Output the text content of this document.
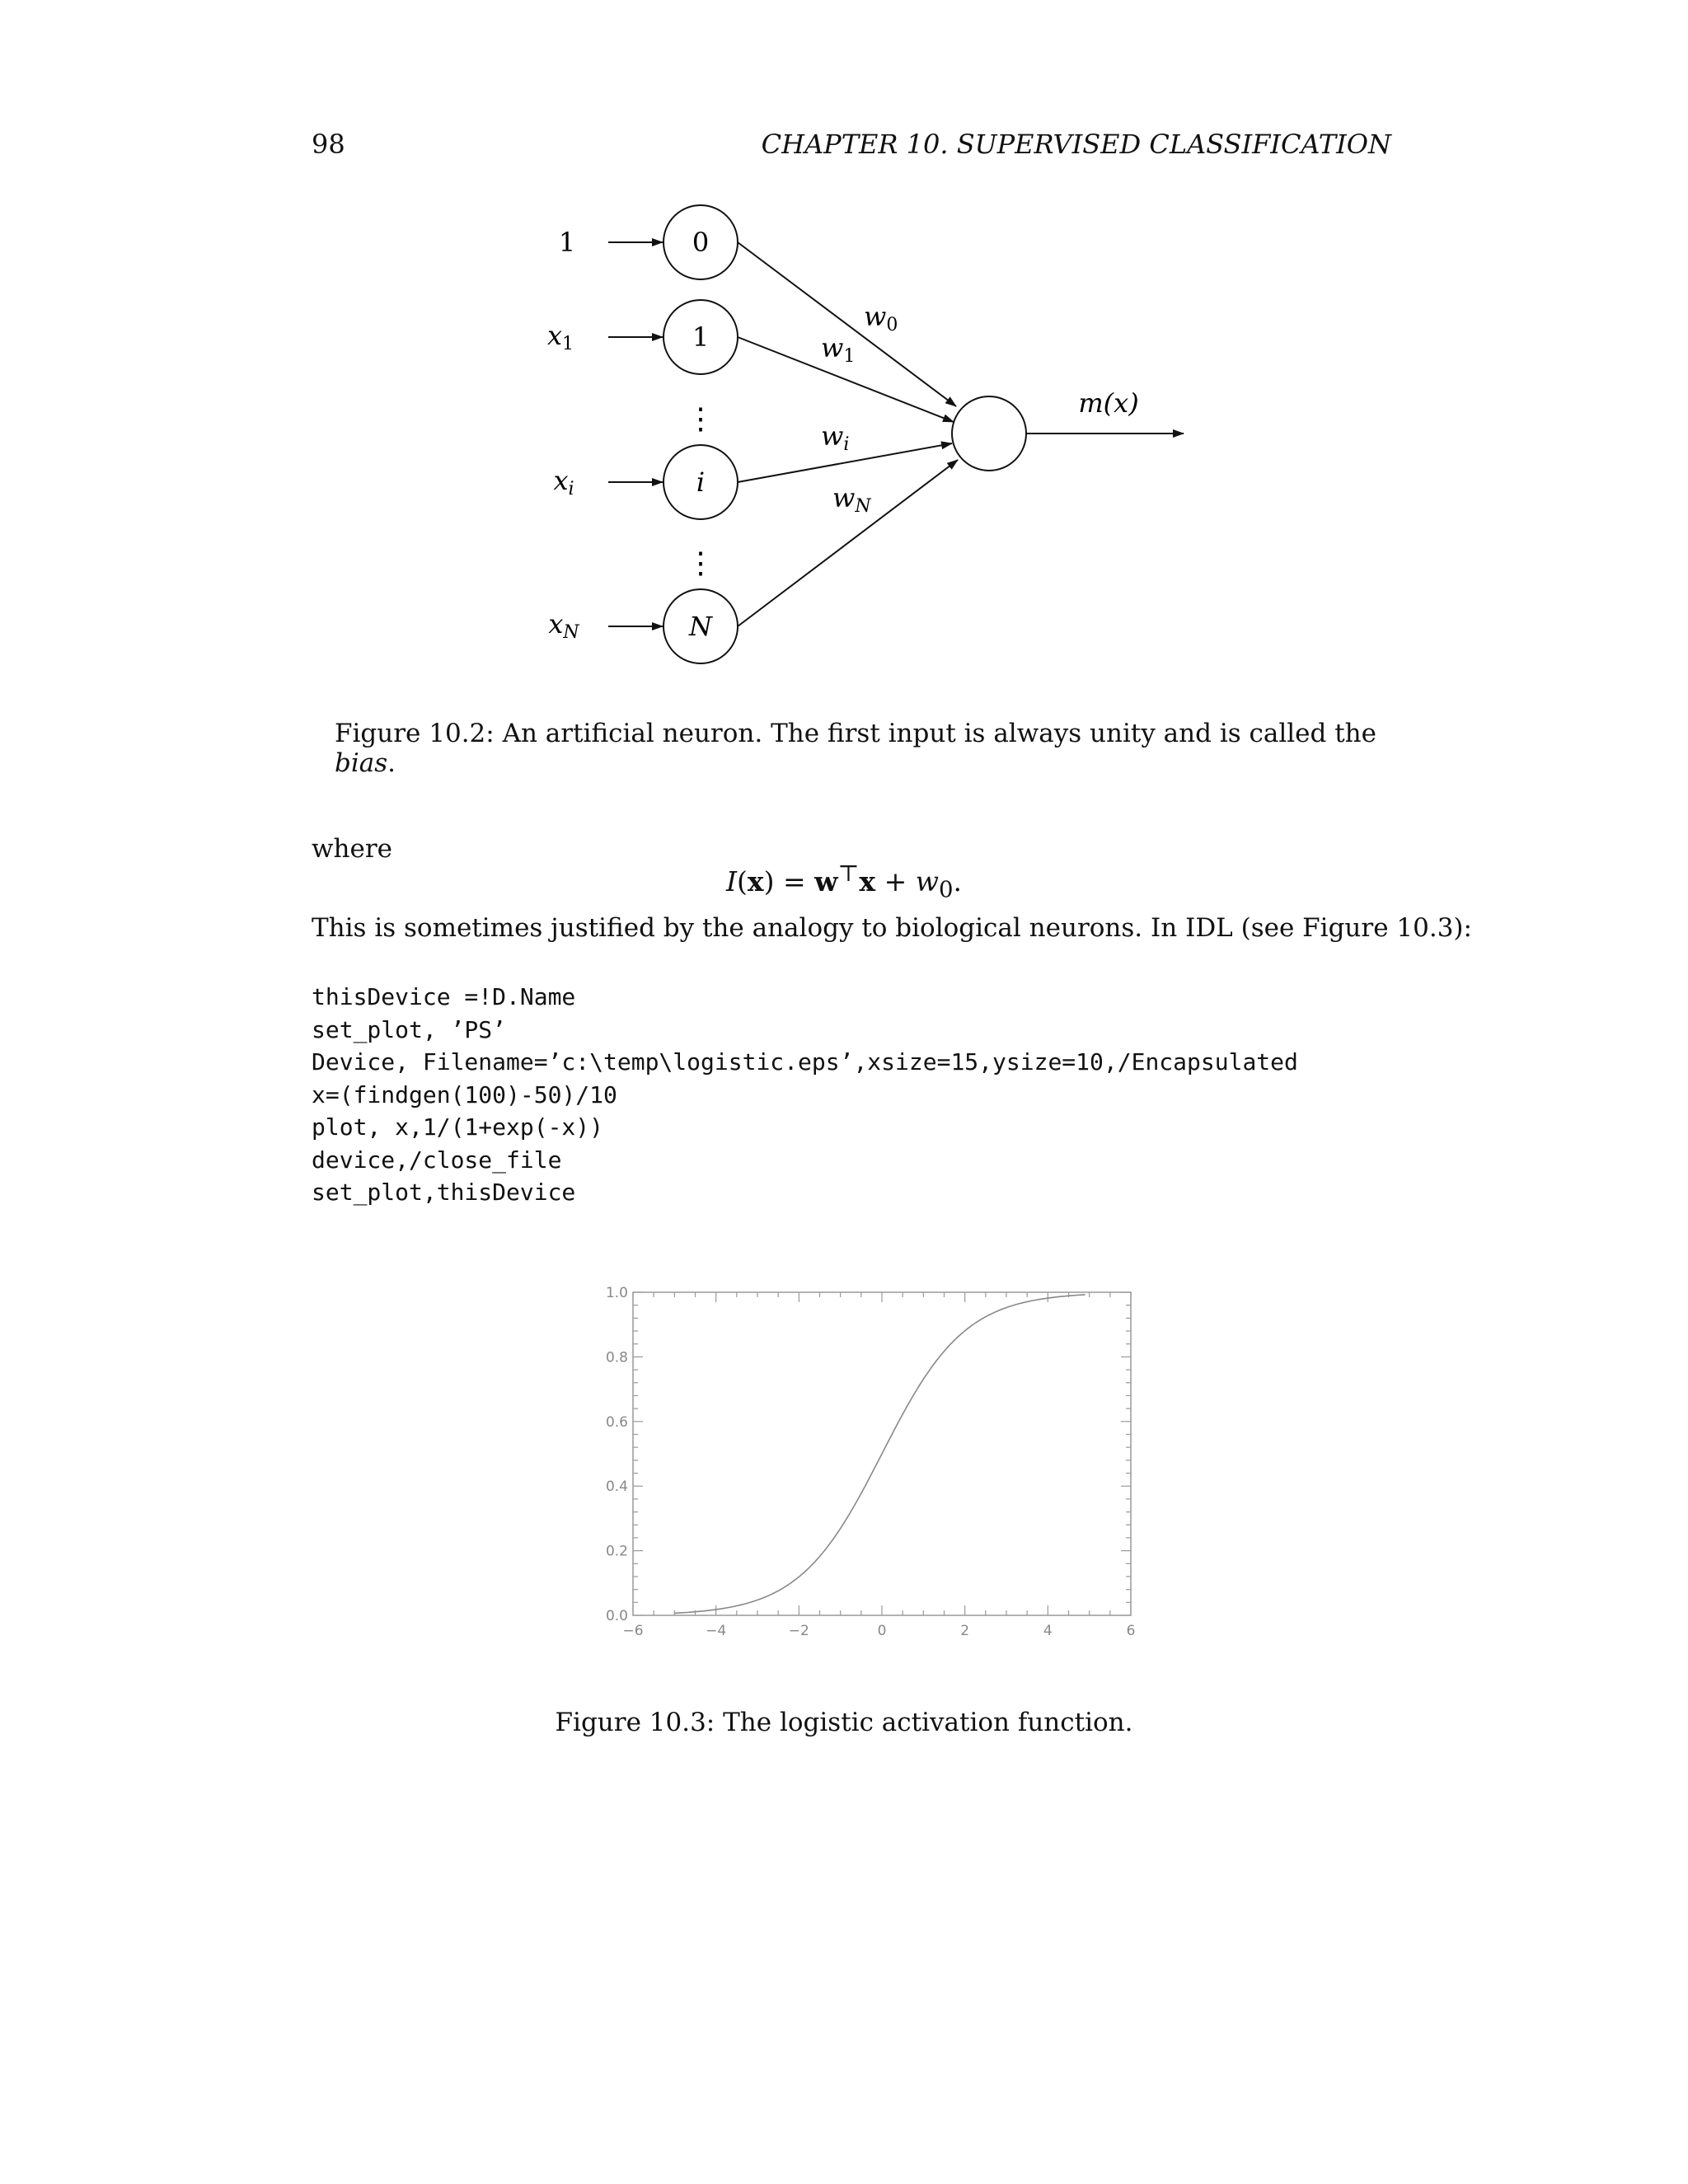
98	CHAPTER 10. SUPERVISED CLASSIFICATION
1
x1
xi
xN
0
1
i
N
⋮
⋮
w0
w1
wi
wN
m(x)
Figure 10.2: An artificial neuron. The first input is always unity and is called the bias.
where
$I(x) = w^⊤x + w_0$.
This is sometimes justified by the analogy to biological neurons. In IDL (see Figure 10.3):
thisDevice =!D.Name
set_plot, ’PS’
Device, Filename=’c:\temp\logistic.eps’,xsize=15,ysize=10,/Encapsulated
x=(findgen(100)-50)/10
plot, x,1/(1+exp(-x))
device,/close_file
set_plot,thisDevice
−6	−4	−2	0	2	4	6
0.0
0.2
0.4
0.6
0.8
1.0
Figure 10.3: The logistic activation function.
